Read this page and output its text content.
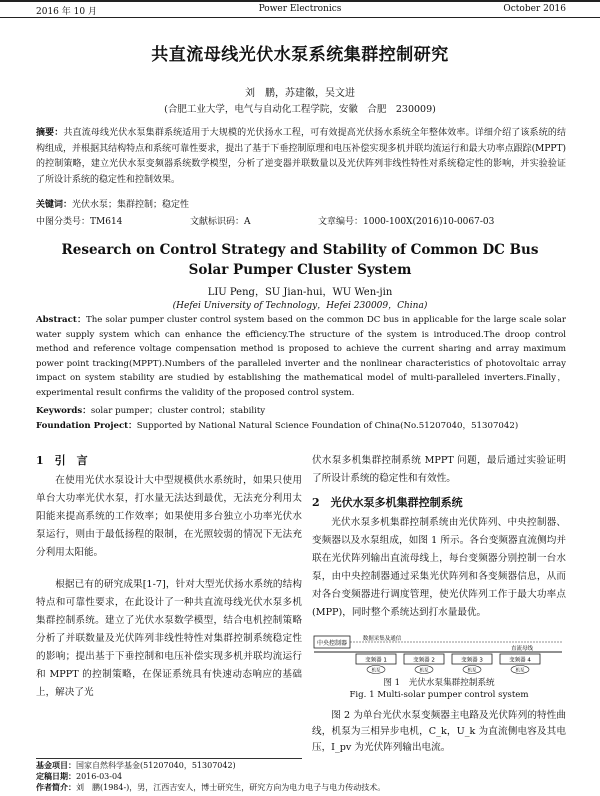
2016 年 10 月	Power Electronics	October 2016
共直流母线光伏水泵系统集群控制研究
刘　鹏，苏建徽，吴文进
(合肥工业大学，电气与自动化工程学院，安徽　合肥　230009)
摘要：共直流母线光伏水泵集群系统适用于大规模的光伏扬水工程，可有效提高光伏扬水系统全年整体效率。详细介绍了该系统的结构组成，并根据其结构特点和系统可靠性要求，提出了基于下垂控制原理和电压补偿实现多机并联均流运行和最大功率点跟踪(MPPT)的控制策略，建立光伏水泵变频器系统数学模型，分析了逆变器并联数量以及光伏阵列非线性特性对系统稳定性的影响，并实验验证了所设计系统的稳定性和控制效果。
关键词：光伏水泵；集群控制；稳定性
中图分类号：TM614	文献标识码：A	文章编号：1000-100X(2016)10-0067-03
Research on Control Strategy and Stability of Common DC Bus
Solar Pumper Cluster System
LIU Peng，SU Jian-hui，WU Wen-jin
(Hefei University of Technology，Hefei 230009，China)
Abstract：The solar pumper cluster control system based on the common DC bus in applicable for the large scale solar water supply system which can enhance the efficiency.The structure of the system is introduced.The droop control method and reference voltage compensation method is proposed to achieve the current sharing and array maximum power point tracking(MPPT).Numbers of the paralleled inverter and the nonlinear characteristics of photovoltaic array impact on system stability are studied by establishing the mathematical model of multi-paralleled inverters.Finally，experimental result confirms the validity of the proposed control system.
Keywords：solar pumper；cluster control；stability
Foundation Project：Supported by National Natural Science Foundation of China(No.51207040，51307042)
1　引　言
在使用光伏水泵设计大中型规模供水系统时，如果只使用单台大功率光伏水泵，打水量无法达到最优，无法充分利用太阳能来提高系统的工作效率；如果使用多台独立小功率光伏水泵运行，则由于最低扬程的限制，在光照较弱的情况下无法充分利用太阳能。
根据已有的研究成果[1-7]，针对大型光伏扬水系统的结构特点和可靠性要求，在此设计了一种共直流母线光伏水泵多机集群控制系统。建立了光伏水泵数学模型，结合电机控制策略分析了并联数量及光伏阵列非线性特性对集群控制系统稳定性的影响；提出基于下垂控制和电压补偿实现多机并联均流运行和 MPPT 的控制策略，在保证系统具有快速动态响应的基础上，解决了光
基金项目：国家自然科学基金(51207040，51307042)
定稿日期：2016-03-04
作者简介：刘　鹏(1984-)，男，江西吉安人，博士研究生，研究方向为电力电子与电力传动技术。
伏水泵多机集群控制系统 MPPT 问题，最后通过实验证明了所设计系统的稳定性和有效性。
2　光伏水泵多机集群控制系统
光伏水泵多机集群控制系统由光伏阵列、中央控制器、变频器以及水泵组成，如图 1 所示。各台变频器直流侧均并联在光伏阵列输出直流母线上，每台变频器分别控制一台水泵，由中央控制器通过采集光伏阵列和各变频器信息，从而对各台变频器进行调度管理，使光伏阵列工作于最大功率点(MPP)，同时整个系统达到打水量最优。
中央控制器
数据采集及通信
直流母线
变频器 1	变频器 2	变频器 3	变频器 4
机泵	机泵	机泵	机泵
图 1　光伏水泵集群控制系统
Fig. 1 Multi-solar pumper control system
图 2 为单台光伏水泵变频器主电路及光伏阵列的特性曲线，机泵为三相异步电机，C_k，U_k 为直流侧电容及其电压，I_pv 为光伏阵列输出电流。
